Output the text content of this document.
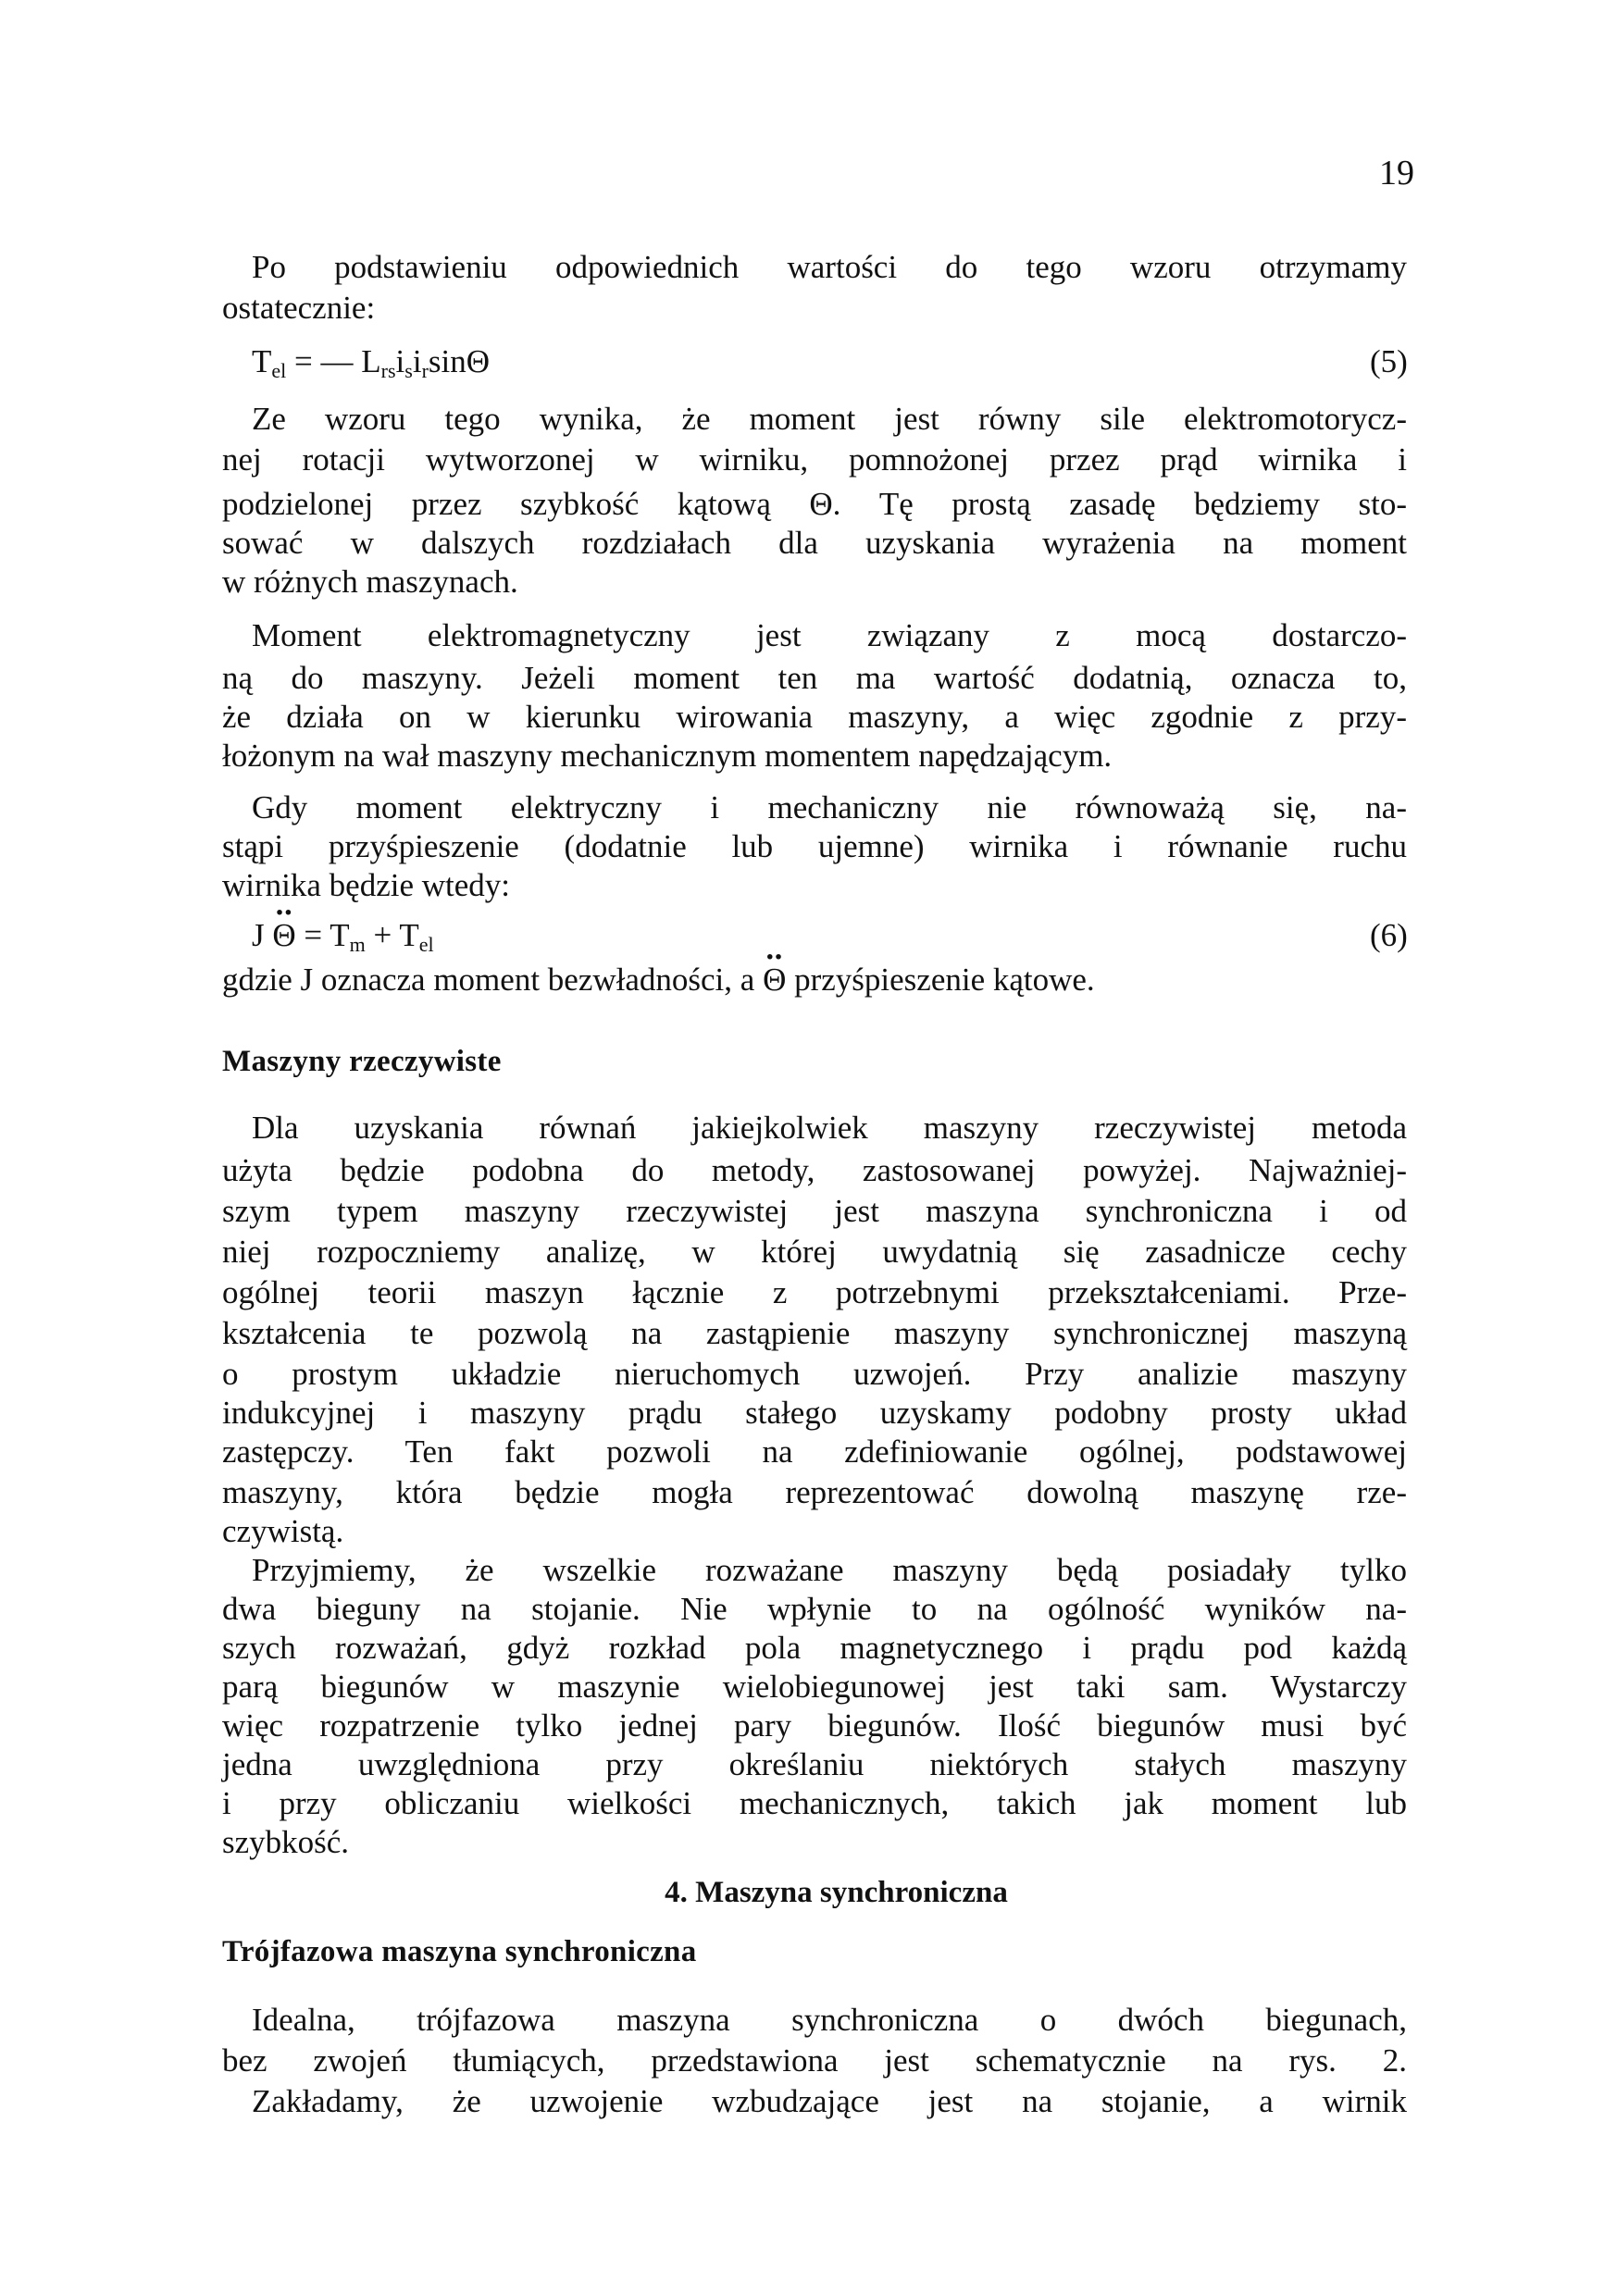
19
Po podstawieniu odpowiednich wartości do tego wzoru otrzymamy
ostatecznie:
$T_{el}$ = — $L_{rs}i_si_r\sin\Theta$	(5)
Ze wzoru tego wynika, że moment jest równy sile elektromotorycz-
nej rotacji wytworzonej w wirniku, pomnożonej przez prąd wirnika i
podzielonej przez szybkość kątową Θ. Tę prostą zasadę będziemy sto-
sować w dalszych rozdziałach dla uzyskania wyrażenia na moment
w różnych maszynach.
Moment elektromagnetyczny jest związany z mocą dostarczo-
ną do maszyny. Jeżeli moment ten ma wartość dodatnią, oznacza to,
że działa on w kierunku wirowania maszyny, a więc zgodnie z przy-
łożonym na wał maszyny mechanicznym momentem napędzającym.
Gdy moment elektryczny i mechaniczny nie równoważą się, na-
stąpi przyśpieszenie (dodatnie lub ujemne) wirnika i równanie ruchu
wirnika będzie wtedy:
$J \cdot\cdot \Theta = T_m + T_{el}$	(6)
gdzie J oznacza moment bezwładności, a ·· Θ przyśpieszenie kątowe.
Maszyny rzeczywiste
Dla uzyskania równań jakiejkolwiek maszyny rzeczywistej metoda
użyta będzie podobna do metody, zastosowanej powyżej. Najważniej-
szym typem maszyny rzeczywistej jest maszyna synchroniczna i od
niej rozpoczniemy analizę, w której uwydatnią się zasadnicze cechy
ogólnej teorii maszyn łącznie z potrzebnymi przekształceniami. Prze-
kształcenia te pozwolą na zastąpienie maszyny synchronicznej maszyną
o prostym układzie nieruchomych uzwojeń. Przy analizie maszyny
indukcyjnej i maszyny prądu stałego uzyskamy podobny prosty układ
zastępczy. Ten fakt pozwoli na zdefiniowanie ogólnej, podstawowej
maszyny, która będzie mogła reprezentować dowolną maszynę rze-
czywistą.
Przyjmiemy, że wszelkie rozważane maszyny będą posiadały tylko
dwa bieguny na stojanie. Nie wpłynie to na ogólność wyników na-
szych rozważań, gdyż rozkład pola magnetycznego i prądu pod każdą
parą biegunów w maszynie wielobiegunowej jest taki sam. Wystarczy
więc rozpatrzenie tylko jednej pary biegunów. Ilość biegunów musi być
jedna uwzględniona przy określaniu niektórych stałych maszyny
i przy obliczaniu wielkości mechanicznych, takich jak moment lub
szybkość.
4. Maszyna synchroniczna
Trójfazowa maszyna synchroniczna
Idealna, trójfazowa maszyna synchroniczna o dwóch biegunach,
bez zwojeń tłumiących, przedstawiona jest schematycznie na rys. 2.
Zakładamy, że uzwojenie wzbudzające jest na stojanie, a wirnik
